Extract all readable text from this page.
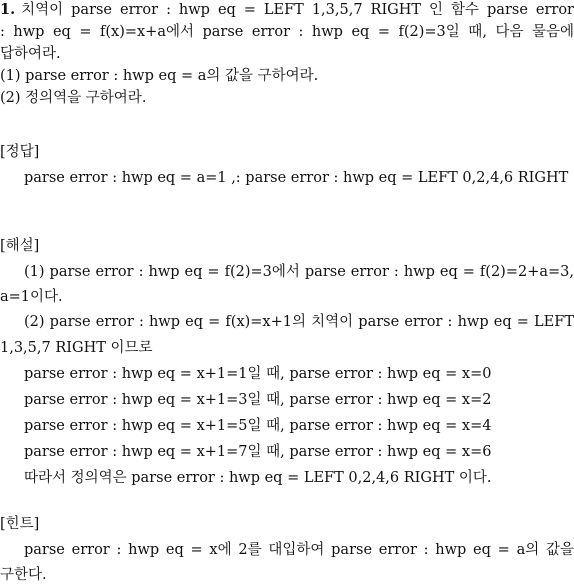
1. 치역이 parse error : hwp eq = LEFT 1,3,5,7 RIGHT 인 함수 parse error
: hwp eq = f(x)=x+a에서 parse error : hwp eq = f(2)=3일 때, 다음 물음에
답하여라.
(1) parse error : hwp eq = a의 값을 구하여라.
(2) 정의역을 구하여라.
[정답]
parse error : hwp eq = a=1 ,: parse error : hwp eq = LEFT 0,2,4,6 RIGHT
[해설]
(1) parse error : hwp eq = f(2)=3에서 parse error : hwp eq = f(2)=2+a=3,
a=1이다.
(2) parse error : hwp eq = f(x)=x+1의 치역이 parse error : hwp eq = LEFT
1,3,5,7 RIGHT 이므로
parse error : hwp eq = x+1=1일 때, parse error : hwp eq = x=0
parse error : hwp eq = x+1=3일 때, parse error : hwp eq = x=2
parse error : hwp eq = x+1=5일 때, parse error : hwp eq = x=4
parse error : hwp eq = x+1=7일 때, parse error : hwp eq = x=6
따라서 정의역은 parse error : hwp eq = LEFT 0,2,4,6 RIGHT 이다.
[힌트]
parse error : hwp eq = x에 2를 대입하여 parse error : hwp eq = a의 값을
구한다.
